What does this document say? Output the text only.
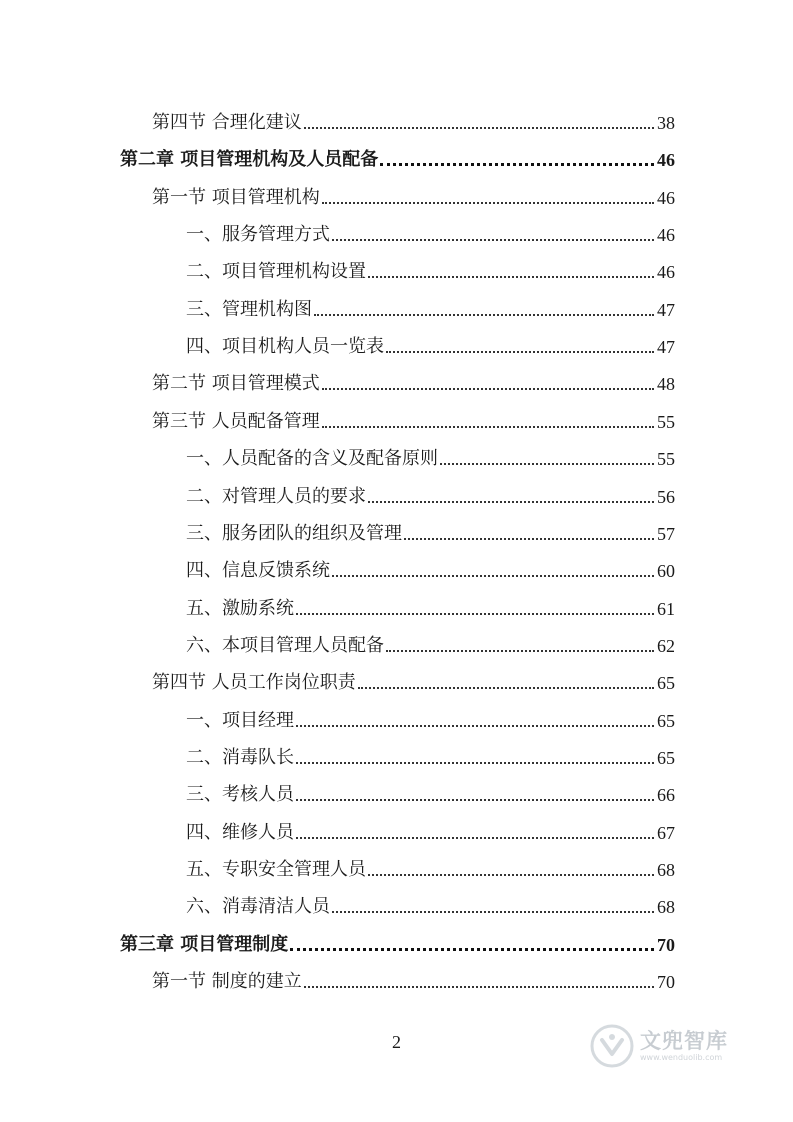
第四节 合理化建议	38
第二章 项目管理机构及人员配备	46
第一节 项目管理机构	46
一、服务管理方式	46
二、项目管理机构设置	46
三、管理机构图	47
四、项目机构人员一览表	47
第二节 项目管理模式	48
第三节 人员配备管理	55
一、人员配备的含义及配备原则	55
二、对管理人员的要求	56
三、服务团队的组织及管理	57
四、信息反馈系统	60
五、激励系统	61
六、本项目管理人员配备	62
第四节 人员工作岗位职责	65
一、项目经理	65
二、消毒队长	65
三、考核人员	66
四、维修人员	67
五、专职安全管理人员	68
六、消毒清洁人员	68
第三章 项目管理制度	70
第一节 制度的建立	70
2	文兜智库
www.wenduolib.com
